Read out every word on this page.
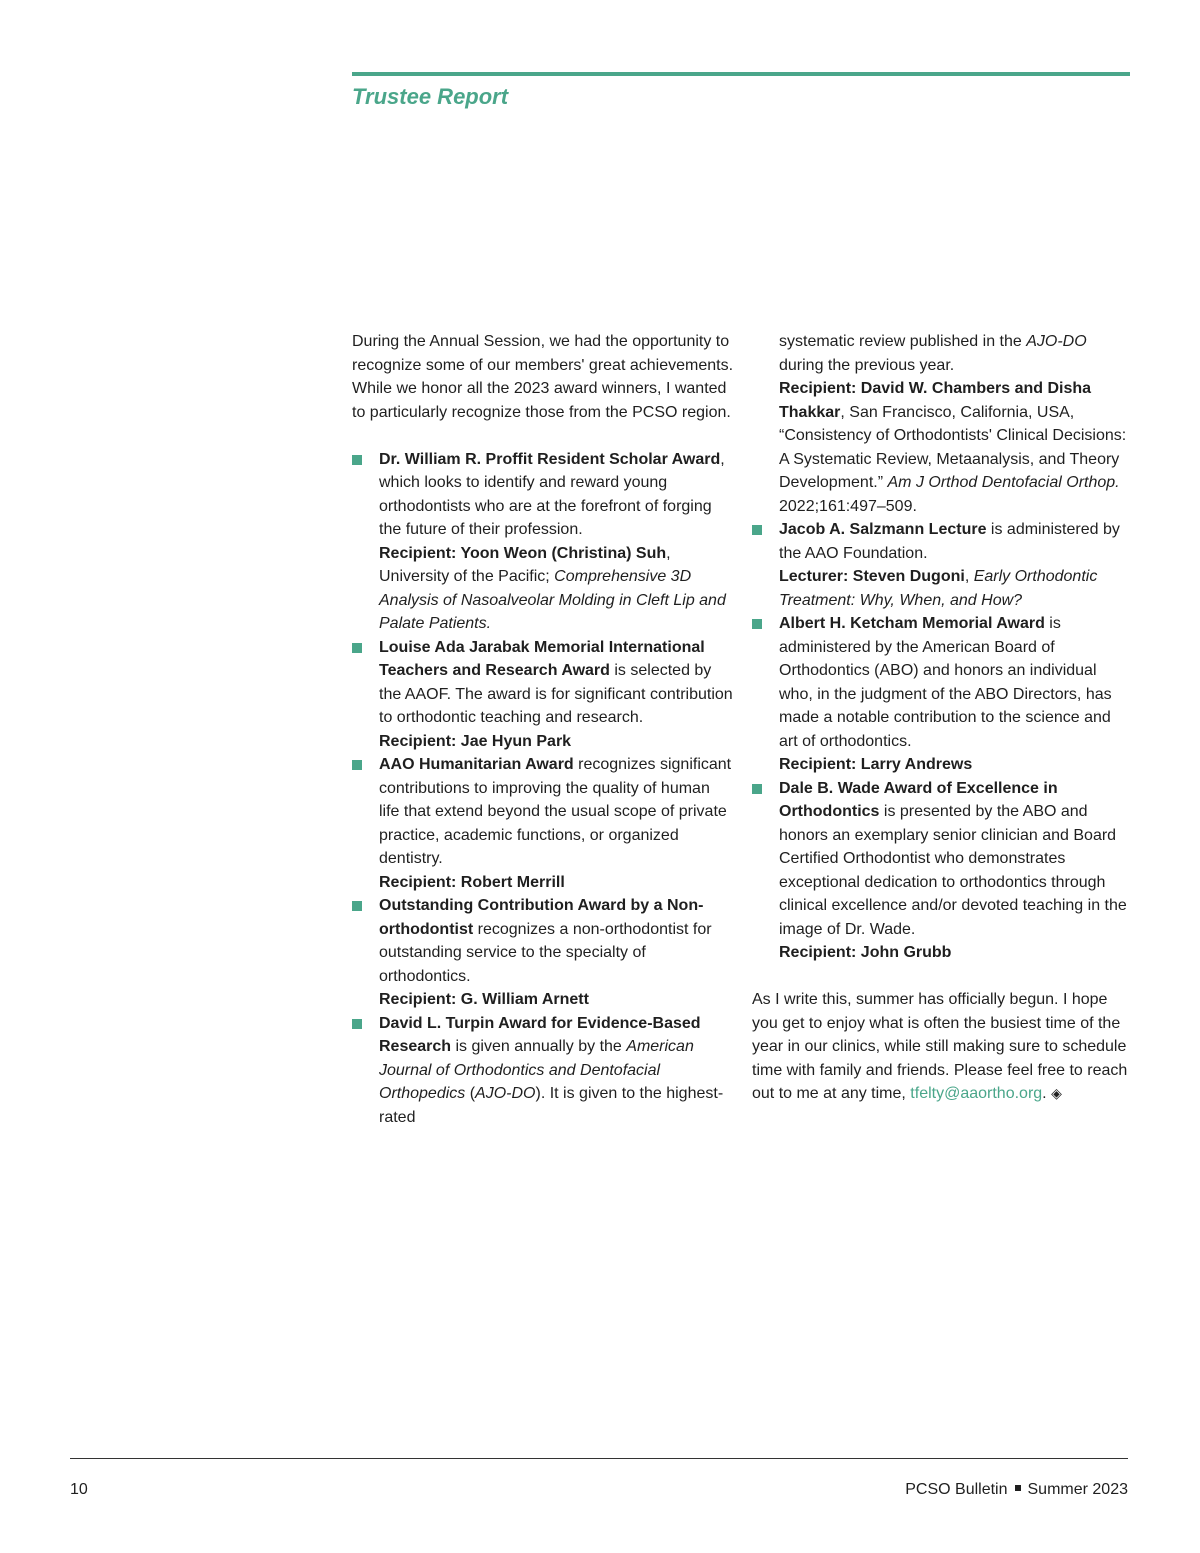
Trustee Report

During the Annual Session, we had the opportunity to recognize some of our members' great achievements. While we honor all the 2023 award winners, I wanted to particularly recognize those from the PCSO region.

Dr. William R. Proffit Resident Scholar Award, which looks to identify and reward young orthodontists who are at the forefront of forging the future of their profession.
Recipient: Yoon Weon (Christina) Suh, University of the Pacific; Comprehensive 3D Analysis of Nasoalveolar Molding in Cleft Lip and Palate Patients.
Louise Ada Jarabak Memorial International Teachers and Research Award is selected by the AAOF. The award is for significant contribution to orthodontic teaching and research.
Recipient: Jae Hyun Park
AAO Humanitarian Award recognizes significant contributions to improving the quality of human life that extend beyond the usual scope of private practice, academic functions, or organized dentistry.
Recipient: Robert Merrill
Outstanding Contribution Award by a Non-orthodontist recognizes a non-orthodontist for outstanding service to the specialty of orthodontics.
Recipient: G. William Arnett
David L. Turpin Award for Evidence-Based Research is given annually by the American Journal of Orthodontics and Dentofacial Orthopedics (AJO-DO). It is given to the highest-rated

systematic review published in the AJO-DO during the previous year.
Recipient: David W. Chambers and Disha Thakkar, San Francisco, California, USA, “Consistency of Orthodontists' Clinical Decisions: A Systematic Review, Metaanalysis, and Theory Development.” Am J Orthod Dentofacial Orthop. 2022;161:497–509.

Jacob A. Salzmann Lecture is administered by the AAO Foundation.
Lecturer: Steven Dugoni, Early Orthodontic Treatment: Why, When, and How?
Albert H. Ketcham Memorial Award is administered by the American Board of Orthodontics (ABO) and honors an individual who, in the judgment of the ABO Directors, has made a notable contribution to the science and art of orthodontics.
Recipient: Larry Andrews
Dale B. Wade Award of Excellence in Orthodontics is presented by the ABO and honors an exemplary senior clinician and Board Certified Orthodontist who demonstrates exceptional dedication to orthodontics through clinical excellence and/or devoted teaching in the image of Dr. Wade.
Recipient: John Grubb

As I write this, summer has officially begun. I hope you get to enjoy what is often the busiest time of the year in our clinics, while still making sure to schedule time with family and friends. Please feel free to reach out to me at any time, tfelty@aaortho.org. ◈

10	PCSO Bulletin Summer 2023
